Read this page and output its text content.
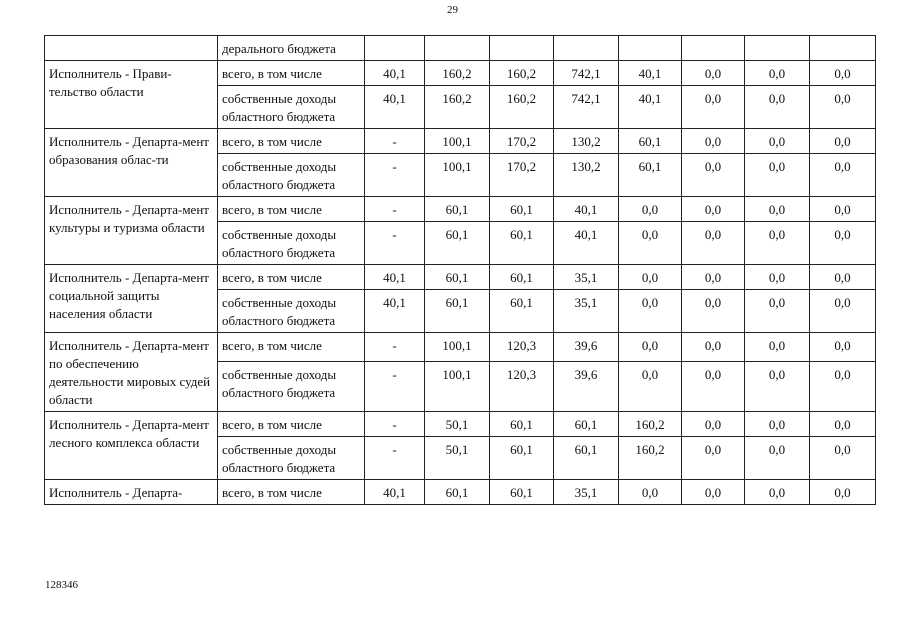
29
	дерального бюджета								
Исполнитель - Прави-тельство области	всего, в том числе	40,1	160,2	160,2	742,1	40,1	0,0	0,0	0,0
	собственные доходы областного бюджета	40,1	160,2	160,2	742,1	40,1	0,0	0,0	0,0
Исполнитель - Департа-мент образования облас-ти	всего, в том числе	-	100,1	170,2	130,2	60,1	0,0	0,0	0,0
	собственные доходы областного бюджета	-	100,1	170,2	130,2	60,1	0,0	0,0	0,0
Исполнитель - Департа-мент культуры и туризма области	всего, в том числе	-	60,1	60,1	40,1	0,0	0,0	0,0	0,0
	собственные доходы областного бюджета	-	60,1	60,1	40,1	0,0	0,0	0,0	0,0
Исполнитель - Департа-мент социальной защиты населения области	всего, в том числе	40,1	60,1	60,1	35,1	0,0	0,0	0,0	0,0
	собственные доходы областного бюджета	40,1	60,1	60,1	35,1	0,0	0,0	0,0	0,0
Исполнитель - Департа-мент по обеспечению деятельности мировых судей области	всего, в том числе	-	100,1	120,3	39,6	0,0	0,0	0,0	0,0
	собственные доходы областного бюджета	-	100,1	120,3	39,6	0,0	0,0	0,0	0,0
Исполнитель - Департа-мент лесного комплекса области	всего, в том числе	-	50,1	60,1	60,1	160,2	0,0	0,0	0,0
	собственные доходы областного бюджета	-	50,1	60,1	60,1	160,2	0,0	0,0	0,0
Исполнитель - Департа-	всего, в том числе	40,1	60,1	60,1	35,1	0,0	0,0	0,0	0,0
128346
